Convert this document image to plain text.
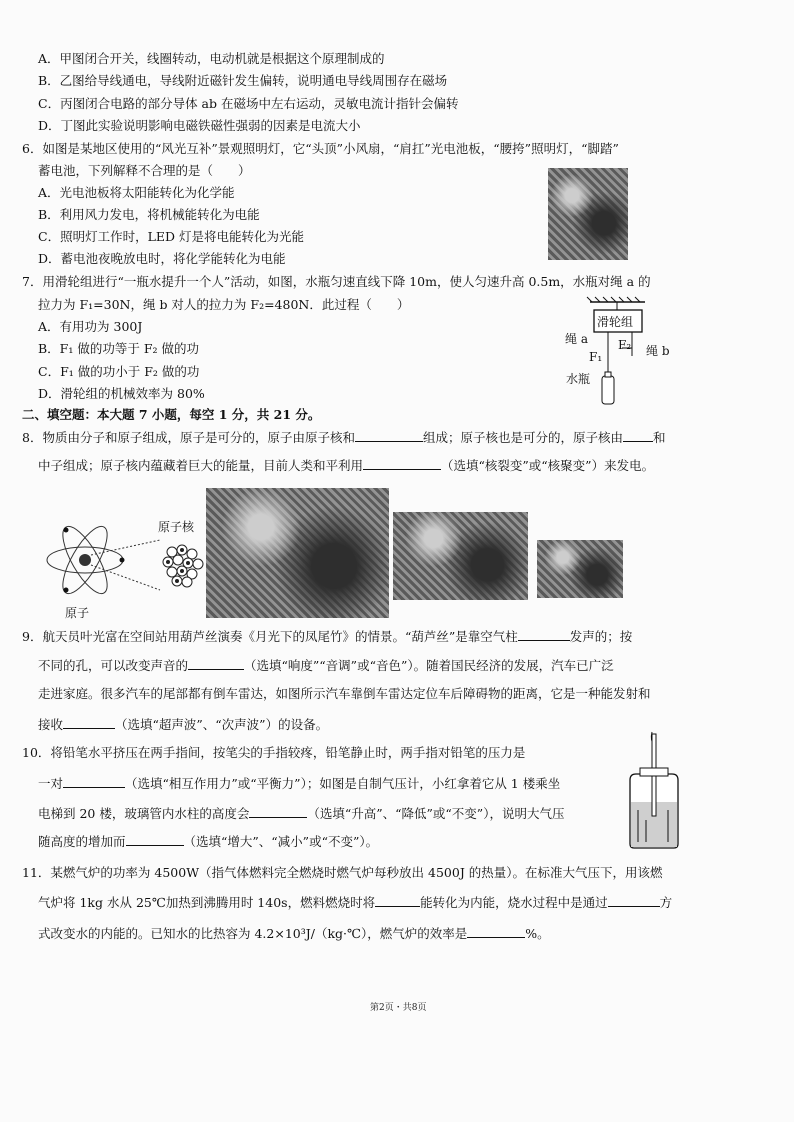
A．甲图闭合开关，线圈转动，电动机就是根据这个原理制成的
B．乙图给导线通电，导线附近磁针发生偏转，说明通电导线周围存在磁场
C．丙图闭合电路的部分导体 ab 在磁场中左右运动，灵敏电流计指针会偏转
D．丁图此实验说明影响电磁铁磁性强弱的因素是电流大小
6．如图是某地区使用的“风光互补”景观照明灯，它“头顶”小风扇，“肩扛”光电池板，“腰挎”照明灯，“脚踏”
蓄电池，下列解释不合理的是（　　）
A．光电池板将太阳能转化为化学能
B．利用风力发电，将机械能转化为电能
C．照明灯工作时，LED 灯是将电能转化为光能
D．蓄电池夜晚放电时，将化学能转化为电能
7．用滑轮组进行“一瓶水提升一个人”活动，如图，水瓶匀速直线下降 10m，使人匀速升高 0.5m，水瓶对绳 a 的
拉力为 F₁=30N，绳 b 对人的拉力为 F₂=480N．此过程（　　）
A．有用功为 300J
B．F₁ 做的功等于 F₂ 做的功
C．F₁ 做的功小于 F₂ 做的功
D．滑轮组的机械效率为 80%
滑轮组
绳 a
F₁
F₂ 绳 b
水瓶
二、填空题：本大题 7 小题，每空 1 分，共 21 分。
8．物质由分子和原子组成，原子是可分的，原子由原子核和	组成；原子核也是可分的，原子核由 和
中子组成；原子核内蕴藏着巨大的能量，目前人类和平利用	（选填“核裂变”或“核聚变”）来发电。
原子核
原子
9．航天员叶光富在空间站用葫芦丝演奏《月光下的凤尾竹》的情景。“葫芦丝”是靠空气柱	发声的；按
不同的孔，可以改变声音的	（选填“响度”“音调”或“音色”）。随着国民经济的发展，汽车已广泛
走进家庭。很多汽车的尾部都有倒车雷达，如图所示汽车靠倒车雷达定位车后障碍物的距离，它是一种能发射和
接收	（选填“超声波”、“次声波”）的设备。
10．将铅笔水平挤压在两手指间，按笔尖的手指较疼，铅笔静止时，两手指对铅笔的压力是
一对	（选填“相互作用力”或“平衡力”）；如图是自制气压计，小红拿着它从 1 楼乘坐
电梯到 20 楼，玻璃管内水柱的高度会	（选填“升高”、“降低”或“不变”），说明大气压
随高度的增加而	（选填“增大”、“减小”或“不变”）。
11．某燃气炉的功率为 4500W（指气体燃料完全燃烧时燃气炉每秒放出 4500J 的热量）。在标准大气压下，用该燃
气炉将 1kg 水从 25℃加热到沸腾用时 140s，燃料燃烧时将	能转化为内能，烧水过程中是通过	方
式改变水的内能的。已知水的比热容为 4.2×10³J/（kg·℃），燃气炉的效率是	%。
第2页・共8页
